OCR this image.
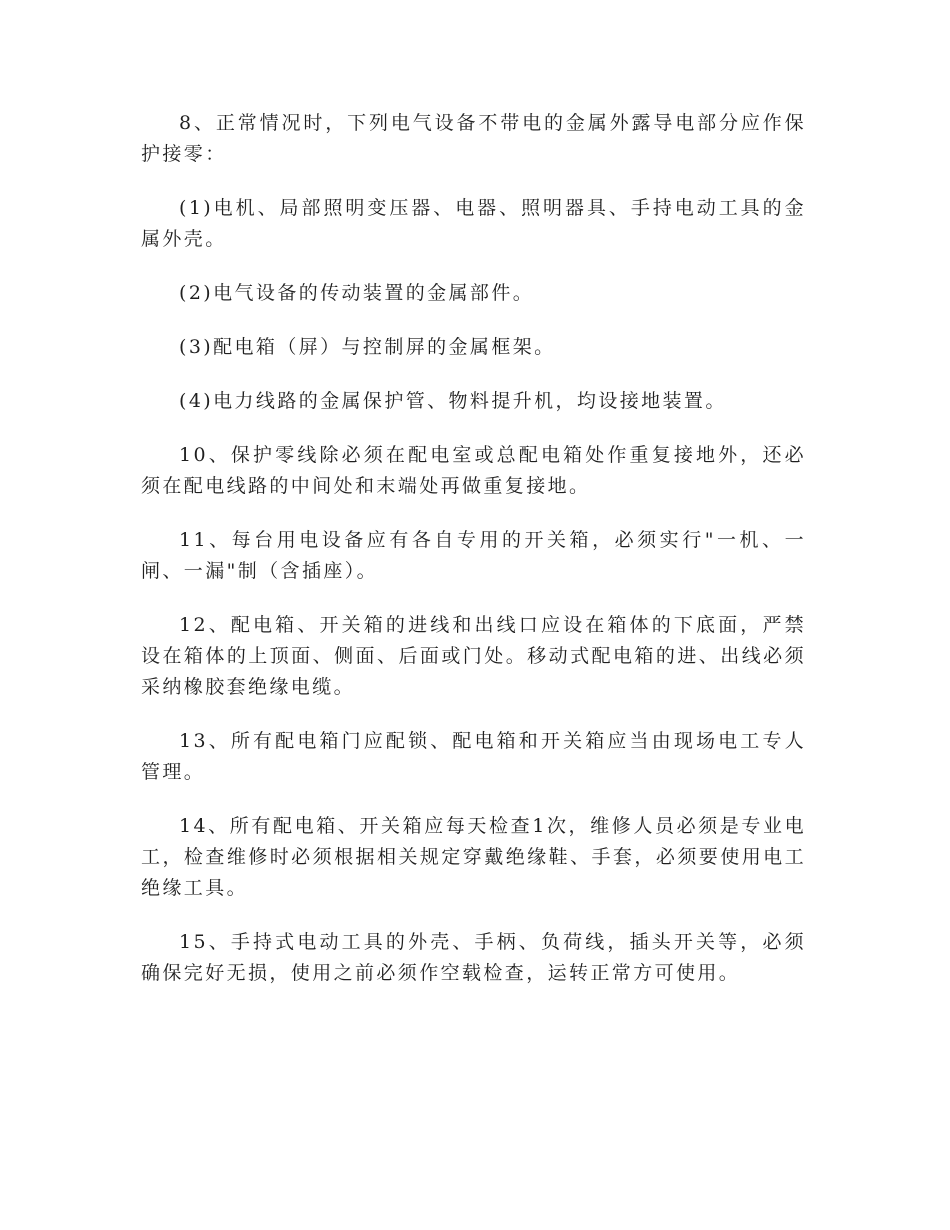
8、正常情况时，下列电气设备不带电的金属外露导电部分应作保护接零：

(1)电机、局部照明变压器、电器、照明器具、手持电动工具的金属外壳。

(2)电气设备的传动装置的金属部件。

(3)配电箱（屏）与控制屏的金属框架。

(4)电力线路的金属保护管、物料提升机，均设接地装置。

10、保护零线除必须在配电室或总配电箱处作重复接地外，还必须在配电线路的中间处和末端处再做重复接地。

11、每台用电设备应有各自专用的开关箱，必须实行"一机、一闸、一漏"制（含插座）。

12、配电箱、开关箱的进线和出线口应设在箱体的下底面，严禁设在箱体的上顶面、侧面、后面或门处。移动式配电箱的进、出线必须采纳橡胶套绝缘电缆。

13、所有配电箱门应配锁、配电箱和开关箱应当由现场电工专人管理。

14、所有配电箱、开关箱应每天检查1次，维修人员必须是专业电工，检查维修时必须根据相关规定穿戴绝缘鞋、手套，必须要使用电工绝缘工具。

15、手持式电动工具的外壳、手柄、负荷线，插头开关等，必须确保完好无损，使用之前必须作空载检查，运转正常方可使用。
